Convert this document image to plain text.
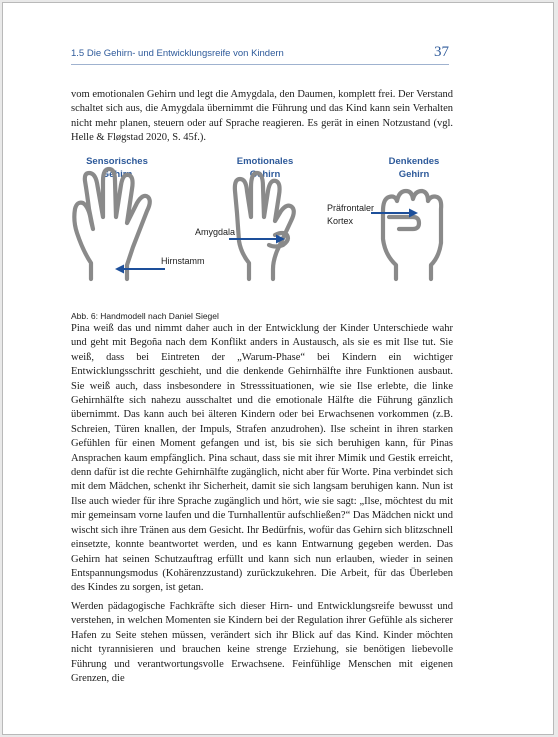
1.5 Die Gehirn- und Entwicklungsreife von Kindern	37

vom emotionalen Gehirn und legt die Amygdala, den Daumen, komplett frei. Der Verstand schaltet sich aus, die Amygdala übernimmt die Führung und das Kind kann sein Verhalten nicht mehr planen, steuern oder auf Sprache reagieren. Es gerät in einen Notzustand (vgl. Helle & Fløgstad 2020, S. 45f.).

Sensorisches
Gehirn
Emotionales
Gehirn
Denkendes
Gehirn
Hirnstamm
Amygdala
Präfrontaler
Kortex
Abb. 6: Handmodell nach Daniel Siegel

Pina weiß das und nimmt daher auch in der Entwicklung der Kinder Unterschiede wahr und geht mit Begoña nach dem Konflikt anders in Austausch, als sie es mit Ilse tut. Sie weiß, dass bei Eintreten der „Warum-Phase“ bei Kindern ein wichtiger Entwicklungsschritt geschieht, und die denkende Gehirnhälfte ihre Funktionen ausbaut. Sie weiß auch, dass insbesondere in Stresssituationen, wie sie Ilse erlebte, die linke Gehirnhälfte sich nahezu ausschaltet und die emotionale Hälfte die Führung gänzlich übernimmt. Das kann auch bei älteren Kindern oder bei Erwachsenen vorkommen (z.B. Schreien, Türen knallen, der Impuls, Strafen anzudrohen). Ilse scheint in ihren starken Gefühlen für einen Moment gefangen und ist, bis sie sich beruhigen kann, für Pinas Ansprachen kaum empfänglich. Pina schaut, dass sie mit ihrer Mimik und Gestik erreicht, denn dafür ist die rechte Gehirnhälfte zugänglich, nicht aber für Worte. Pina verbindet sich mit dem Mädchen, schenkt ihr Sicherheit, damit sie sich langsam beruhigen kann. Nun ist Ilse auch wieder für ihre Sprache zugänglich und hört, wie sie sagt: „Ilse, möchtest du mit mir gemeinsam vorne laufen und die Turnhallentür aufschließen?“ Das Mädchen nickt und wischt sich ihre Tränen aus dem Gesicht. Ihr Bedürfnis, wofür das Gehirn sich blitzschnell einsetzte, konnte beantwortet werden, und es kann Entwarnung gegeben werden. Das Gehirn hat seinen Schutzauftrag erfüllt und kann sich nun erlauben, wieder in seinen Entspannungsmodus (Kohärenzzustand) zurückzukehren. Die Arbeit, für das Überleben des Kindes zu sorgen, ist getan.

Werden pädagogische Fachkräfte sich dieser Hirn- und Entwicklungsreife bewusst und verstehen, in welchen Momenten sie Kindern bei der Regulation ihrer Gefühle als sicherer Hafen zu Seite stehen müssen, verändert sich ihr Blick auf das Kind. Kinder möchten nicht tyrannisieren und brauchen keine strenge Erziehung, sie benötigen liebevolle Führung und verantwortungsvolle Erwachsene. Feinfühlige Menschen mit eigenen Grenzen, die
